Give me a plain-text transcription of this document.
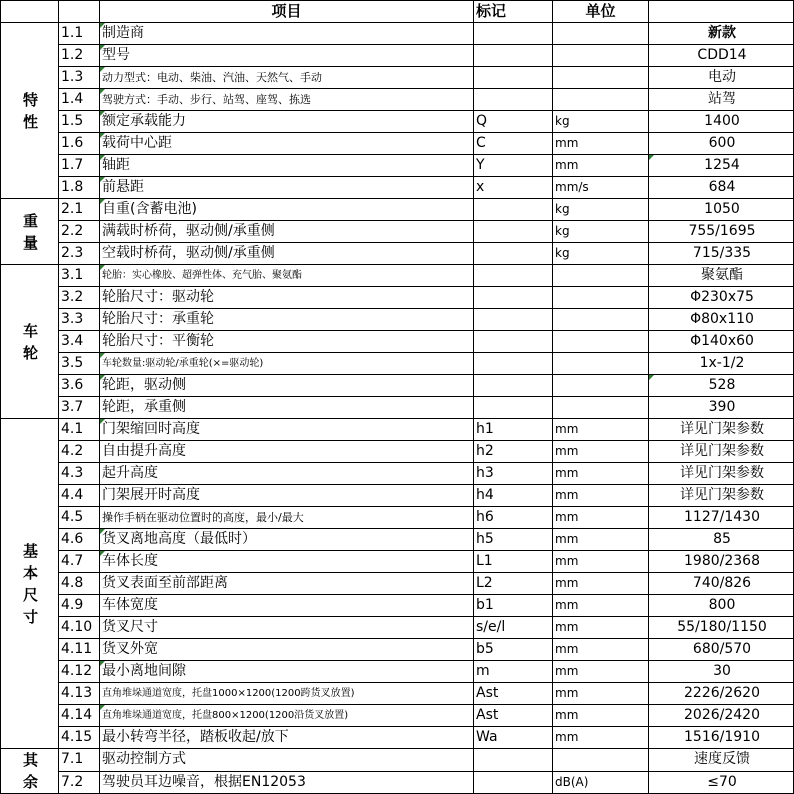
		项目	标记	单位	

特
性	1.1	制造商			新款
	1.2	型号			CDD14
	1.3	动力型式：电动、柴油、汽油、天然气、手动			电动
	1.4	驾驶方式：手动、步行、站驾、座驾、拣选			站驾
	1.5	额定承载能力	Q	kg	1400
	1.6	载荷中心距	C	mm	600
	1.7	轴距	Y	mm	1254
	1.8	前悬距	x	mm/s	684

重
量	2.1	自重(含蓄电池)		kg	1050
	2.2	满载时桥荷，驱动侧/承重侧		kg	755/1695
	2.3	空载时桥荷，驱动侧/承重侧		kg	715/335

车
轮	3.1	轮胎：实心橡胶、超弹性体、充气胎、聚氨酯			聚氨酯
	3.2	轮胎尺寸：驱动轮			Φ230x75
	3.3	轮胎尺寸：承重轮			Φ80x110
	3.4	轮胎尺寸：平衡轮			Φ140x60
	3.5	车轮数量:驱动轮/承重轮(×=驱动轮)			1x-1/2
	3.6	轮距，驱动侧			528
	3.7	轮距，承重侧			390

基
本
尺
寸	4.1	门架缩回时高度	h1	mm	详见门架参数
	4.2	自由提升高度	h2	mm	详见门架参数
	4.3	起升高度	h3	mm	详见门架参数
	4.4	门架展开时高度	h4	mm	详见门架参数
	4.5	操作手柄在驱动位置时的高度，最小/最大	h6	mm	1127/1430
	4.6	货叉离地高度（最低时）	h5	mm	85
	4.7	车体长度	L1	mm	1980/2368
	4.8	货叉表面至前部距离	L2	mm	740/826
	4.9	车体宽度	b1	mm	800
	4.10	货叉尺寸	s/e/l	mm	55/180/1150
	4.11	货叉外宽	b5	mm	680/570
	4.12	最小离地间隙	m	mm	30
	4.13	直角堆垛通道宽度，托盘1000×1200(1200跨货叉放置)	Ast	mm	2226/2620
	4.14	直角堆垛通道宽度，托盘800×1200(1200沿货叉放置)	Ast	mm	2026/2420
	4.15	最小转弯半径，踏板收起/放下	Wa	mm	1516/1910

其
余	7.1	驱动控制方式			速度反馈
	7.2	驾驶员耳边噪音，根据EN12053		dB(A)	≤70
